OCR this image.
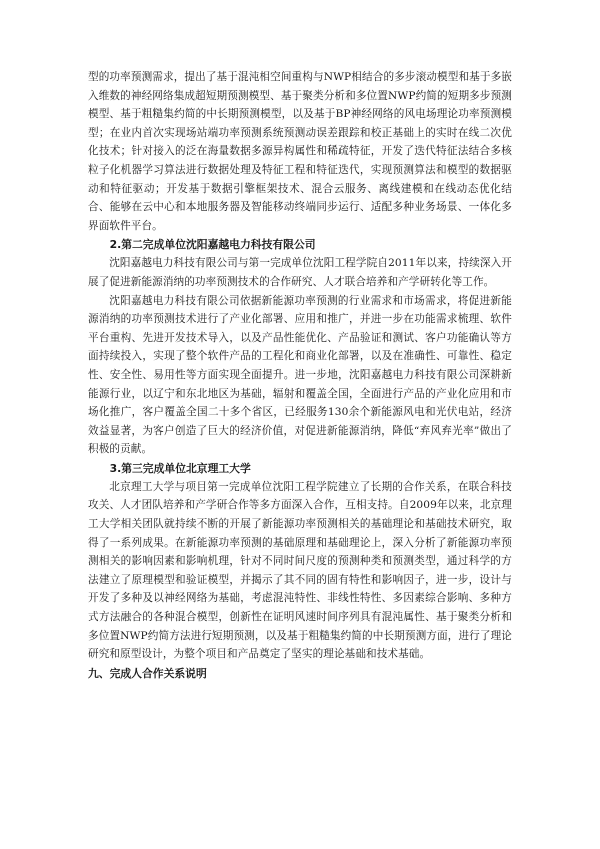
型的功率预测需求，提出了基于混沌相空间重构与NWP相结合的多步滚动模型和基于多嵌入维数的神经网络集成超短期预测模型、基于聚类分析和多位置NWP约简的短期多步预测模型、基于粗糙集约简的中长期预测模型，以及基于BP神经网络的风电场理论功率预测模型；在业内首次实现场站端功率预测系统预测动误差跟踪和校正基础上的实时在线二次优化技术；针对接入的泛在海量数据多源异构属性和稀疏特征，开发了迭代特征法结合多核粒子化机器学习算法进行数据处理及特征工程和特征迭代，实现预测算法和模型的数据驱动和特征驱动；开发基于数据引擎框架技术、混合云服务、离线建模和在线动态优化结合、能够在云中心和本地服务器及智能移动终端同步运行、适配多种业务场景、一体化多界面软件平台。

2.第二完成单位沈阳嘉越电力科技有限公司

沈阳嘉越电力科技有限公司与第一完成单位沈阳工程学院自2011年以来，持续深入开展了促进新能源消纳的功率预测技术的合作研究、人才联合培养和产学研转化等工作。

沈阳嘉越电力科技有限公司依据新能源功率预测的行业需求和市场需求，将促进新能源消纳的功率预测技术进行了产业化部署、应用和推广，并进一步在功能需求梳理、软件平台重构、先进开发技术导入，以及产品性能优化、产品验证和测试、客户功能确认等方面持续投入，实现了整个软件产品的工程化和商业化部署，以及在准确性、可靠性、稳定性、安全性、易用性等方面实现全面提升。进一步地，沈阳嘉越电力科技有限公司深耕新能源行业，以辽宁和东北地区为基础，辐射和覆盖全国，全面进行产品的产业化应用和市场化推广，客户覆盖全国二十多个省区，已经服务130余个新能源风电和光伏电站，经济效益显著，为客户创造了巨大的经济价值，对促进新能源消纳，降低“弃风弃光率”做出了积极的贡献。

3.第三完成单位北京理工大学

北京理工大学与项目第一完成单位沈阳工程学院建立了长期的合作关系，在联合科技攻关、人才团队培养和产学研合作等多方面深入合作，互相支持。自2009年以来，北京理工大学相关团队就持续不断的开展了新能源功率预测相关的基础理论和基础技术研究，取得了一系列成果。在新能源功率预测的基础原理和基础理论上，深入分析了新能源功率预测相关的影响因素和影响机理，针对不同时间尺度的预测种类和预测类型，通过科学的方法建立了原理模型和验证模型，并揭示了其不同的固有特性和影响因子，进一步，设计与开发了多种及以神经网络为基础，考虑混沌特性、非线性特性、多因素综合影响、多种方式方法融合的各种混合模型，创新性在证明风速时间序列具有混沌属性、基于聚类分析和多位置NWP约简方法进行短期预测，以及基于粗糙集约简的中长期预测方面，进行了理论研究和原型设计，为整个项目和产品奠定了坚实的理论基础和技术基础。

九、完成人合作关系说明
